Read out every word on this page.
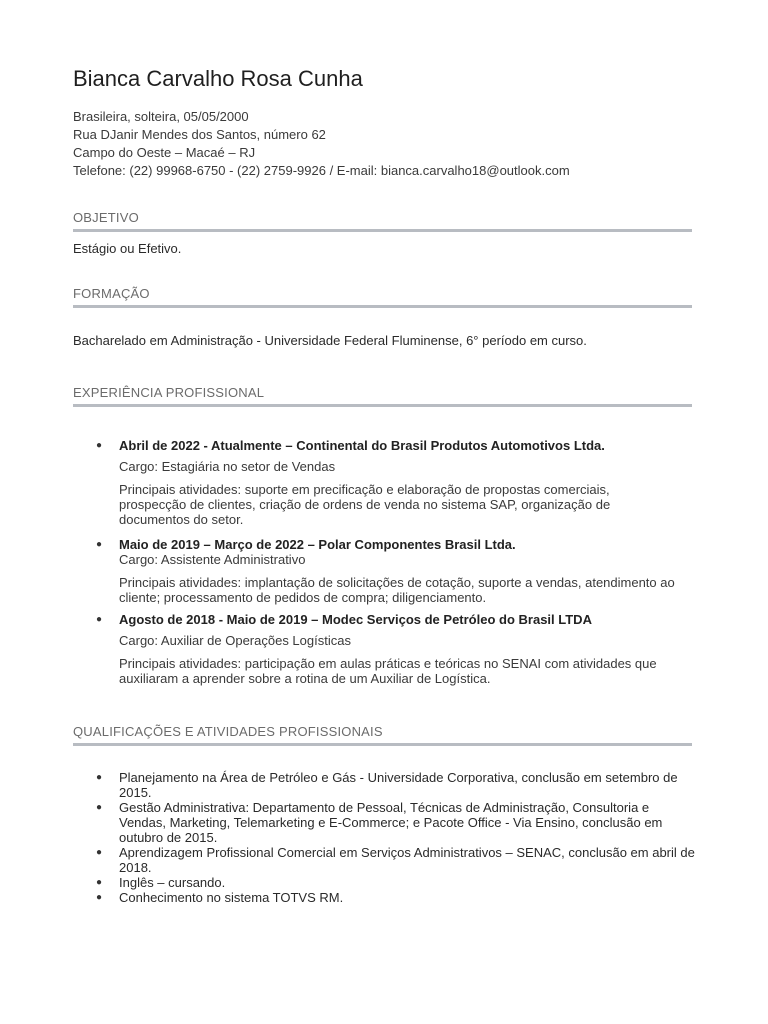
Bianca Carvalho Rosa Cunha
Brasileira, solteira, 05/05/2000
Rua DJanir Mendes dos Santos, número 62
Campo do Oeste – Macaé – RJ
Telefone: (22) 99968-6750 - (22) 2759-9926 / E-mail: bianca.carvalho18@outlook.com
OBJETIVO
Estágio ou Efetivo.
FORMAÇÃO
Bacharelado em Administração - Universidade Federal Fluminense, 6° período em curso.
EXPERIÊNCIA PROFISSIONAL
●	Abril de 2022 - Atualmente – Continental do Brasil Produtos Automotivos Ltda.
Cargo: Estagiária no setor de Vendas
Principais atividades: suporte em precificação e elaboração de propostas comerciais, prospecção de clientes, criação de ordens de venda no sistema SAP, organização de documentos do setor.
●	Maio de 2019 – Março de 2022 – Polar Componentes Brasil Ltda.
Cargo: Assistente Administrativo
Principais atividades: implantação de solicitações de cotação, suporte a vendas, atendimento ao cliente; processamento de pedidos de compra; diligenciamento.
●	Agosto de 2018 - Maio de 2019 – Modec Serviços de Petróleo do Brasil LTDA
Cargo: Auxiliar de Operações Logísticas
Principais atividades: participação em aulas práticas e teóricas no SENAI com atividades que auxiliaram a aprender sobre a rotina de um Auxiliar de Logística.
QUALIFICAÇÕES E ATIVIDADES PROFISSIONAIS
●	Planejamento na Área de Petróleo e Gás - Universidade Corporativa, conclusão em setembro de 2015.
●	Gestão Administrativa: Departamento de Pessoal, Técnicas de Administração, Consultoria e Vendas, Marketing, Telemarketing e E-Commerce; e Pacote Office - Via Ensino, conclusão em outubro de 2015.
●	Aprendizagem Profissional Comercial em Serviços Administrativos – SENAC, conclusão em abril de 2018.
●	Inglês – cursando.
●	Conhecimento no sistema TOTVS RM.
